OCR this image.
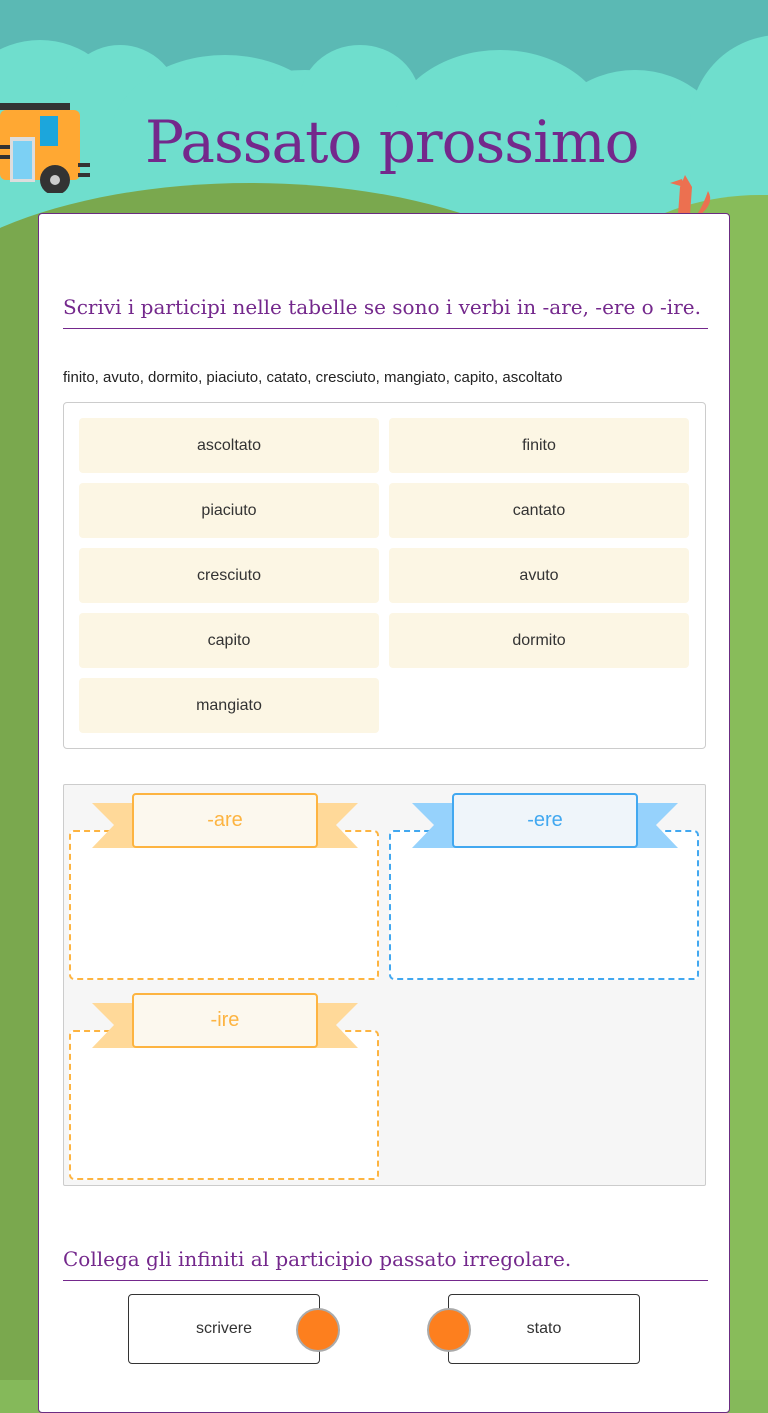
Passato prossimo
Scrivi i participi nelle tabelle se sono i verbi in -are, -ere o -ire.
finito, avuto, dormito, piaciuto, catato, cresciuto, mangiato, capito, ascoltato
ascoltato	finito
piaciuto	cantato
cresciuto	avuto
capito	dormito
mangiato
-are	-ere
-ire
Collega gli infiniti al participio passato irregolare.
scrivere	stato
